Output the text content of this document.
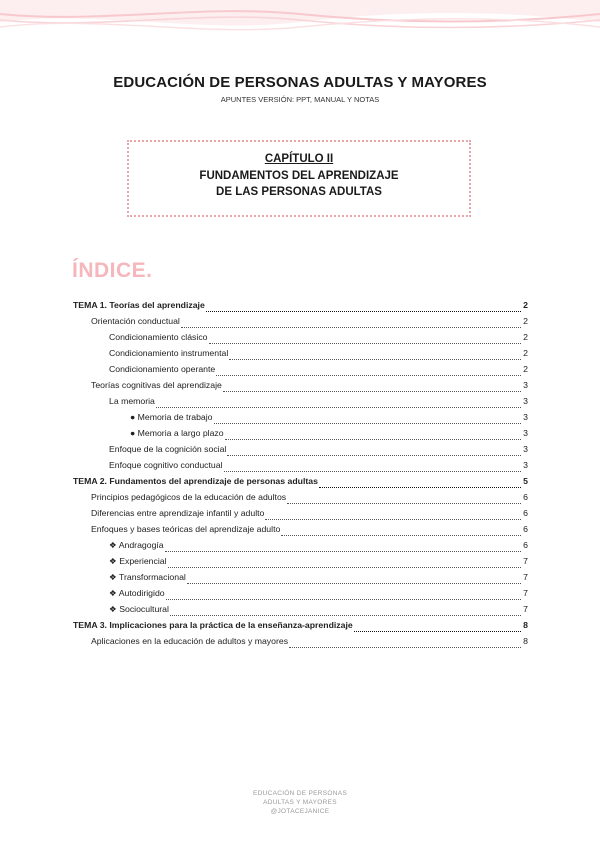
EDUCACIÓN DE PERSONAS ADULTAS Y MAYORES
APUNTES VERSIÓN: PPT, MANUAL Y NOTAS
CAPÍTULO II
FUNDAMENTOS DEL APRENDIZAJE
DE LAS PERSONAS ADULTAS
ÍNDICE.
TEMA 1. Teorías del aprendizaje	2
Orientación conductual	2
Condicionamiento clásico	2
Condicionamiento instrumental	2
Condicionamiento operante	2
Teorías cognitivas del aprendizaje	3
La memoria	3
● Memoria de trabajo	3
● Memoria a largo plazo	3
Enfoque de la cognición social	3
Enfoque cognitivo conductual	3
TEMA 2. Fundamentos del aprendizaje de personas adultas	5
Principios pedagógicos de la educación de adultos	6
Diferencias entre aprendizaje infantil y adulto	6
Enfoques y bases teóricas del aprendizaje adulto	6
❖ Andragogía	6
❖ Experiencial	7
❖ Transformacional	7
❖ Autodirigido	7
❖ Sociocultural	7
TEMA 3. Implicaciones para la práctica de la enseñanza-aprendizaje	8
Aplicaciones en la educación de adultos y mayores	8
EDUCACIÓN DE PERSONAS
ADULTAS Y MAYORES
@JOTACEJANICE
